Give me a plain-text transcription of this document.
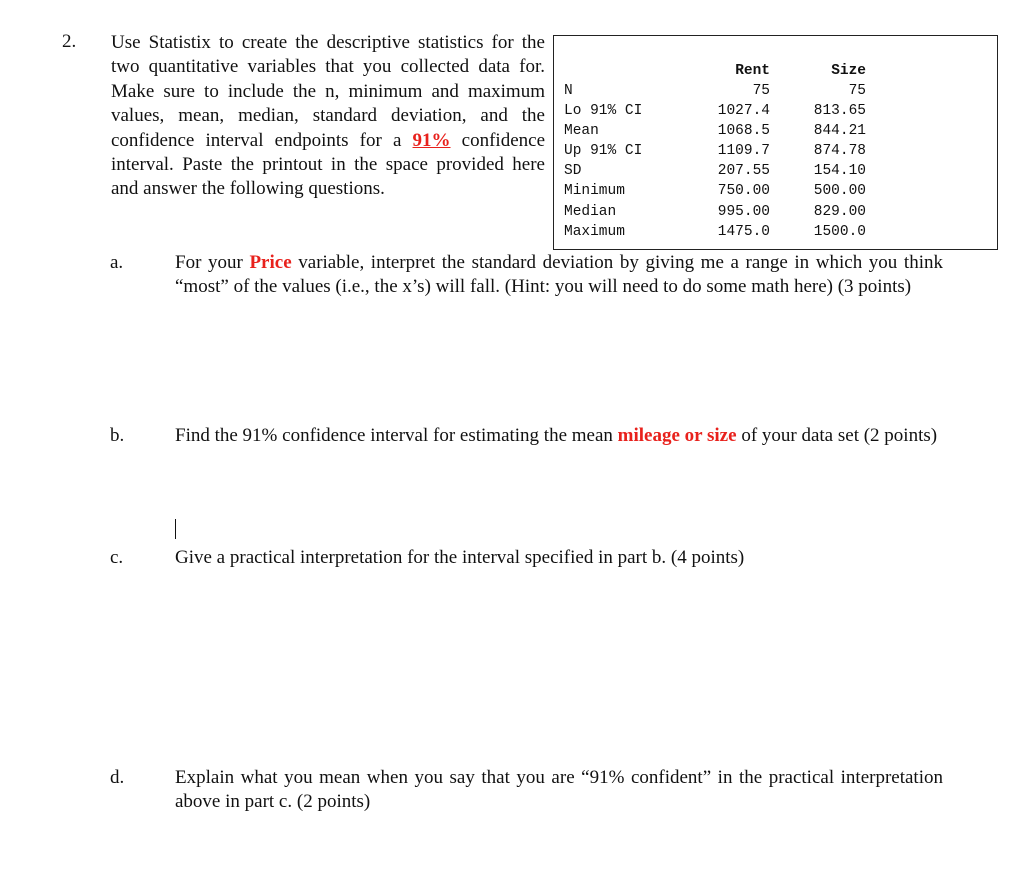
2. Use Statistix to create the descriptive statistics for the two quantitative variables that you collected data for. Make sure to include the n, minimum and maximum values, mean, median, standard deviation, and the confidence interval endpoints for a 91% confidence interval. Paste the printout in the space provided here and answer the following questions.
	Rent	Size
N	75	75
Lo 91% CI	1027.4	813.65
Mean	1068.5	844.21
Up 91% CI	1109.7	874.78
SD	207.55	154.10
Minimum	750.00	500.00
Median	995.00	829.00
Maximum	1475.0	1500.0
a.	For your Price variable, interpret the standard deviation by giving me a range in which you think “most” of the values (i.e., the x’s) will fall. (Hint: you will need to do some math here) (3 points)
b.	Find the 91% confidence interval for estimating the mean mileage or size of your data set (2 points)
c.	Give a practical interpretation for the interval specified in part b. (4 points)
d.	Explain what you mean when you say that you are “91% confident” in the practical interpretation above in part c. (2 points)
